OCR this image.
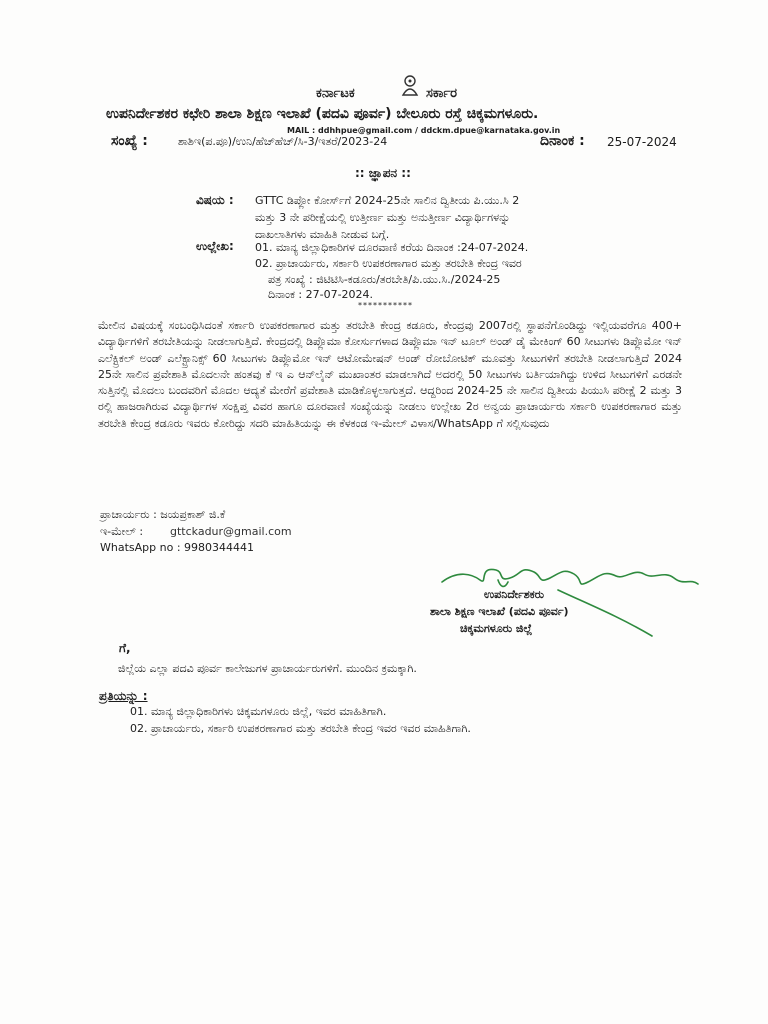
ಕರ್ನಾಟಕ	ಸರ್ಕಾರ
ಉಪನಿರ್ದೇಶಕರ ಕಛೇರಿ ಶಾಲಾ ಶಿಕ್ಷಣ ಇಲಾಖೆ (ಪದವಿ ಪೂರ್ವ) ಬೇಲೂರು ರಸ್ತೆ ಚಿಕ್ಕಮಗಳೂರು.
MAIL : ddhhpue@gmail.com / ddckm.dpue@karnataka.gov.in
ಸಂಖ್ಯೆ :	ಶಾಶಿಇ(ಪ.ಪೂ)/ಉನಿ/ಹೆಚ್‌ಹೆಚ್/ಸಿ-3/ಇತರೆ/2023-24	ದಿನಾಂಕ : 25-07-2024
:: ಜ್ಞಾಪನ ::
ವಿಷಯ : GTTC ಡಿಪ್ಲೋ ಕೋರ್ಸ್‌ಗೆ 2024-25ನೇ ಸಾಲಿನ ದ್ವಿತೀಯ ಪಿ.ಯು.ಸಿ 2
ಮತ್ತು 3 ನೇ ಪರೀಕ್ಷೆಯಲ್ಲಿ ಉತ್ತೀರ್ಣ ಮತ್ತು ಅನುತ್ತೀರ್ಣ ವಿದ್ಯಾರ್ಥಿಗಳನ್ನು
ದಾಖಲಾತಿಗಳು ಮಾಹಿತಿ ನೀಡುವ ಬಗ್ಗೆ.
ಉಲ್ಲೇಖ: 01. ಮಾನ್ಯ ಜಿಲ್ಲಾಧಿಕಾರಿಗಳ ದೂರವಾಣಿ ಕರೆಯ ದಿನಾಂಕ :24-07-2024.
02. ಪ್ರಾಚಾರ್ಯರು, ಸರ್ಕಾರಿ ಉಪಕರಣಾಗಾರ ಮತ್ತು ತರಬೇತಿ ಕೇಂದ್ರ ಇವರ
ಪತ್ರ ಸಂಖ್ಯೆ : ಜಿಟಿಟಿಸಿ-ಕಡೂರು/ತರಬೇತಿ/ಪಿ.ಯು.ಸಿ./2024-25
ದಿನಾಂಕ : 27-07-2024.
***********
ಮೇಲಿನ ವಿಷಯಕ್ಕೆ ಸಂಬಂಧಿಸಿದಂತೆ ಸರ್ಕಾರಿ ಉಪಕರಣಾಗಾರ ಮತ್ತು ತರಬೇತಿ ಕೇಂದ್ರ ಕಡೂರು, ಕೇಂದ್ರವು 2007ರಲ್ಲಿ ಸ್ಥಾಪನೆಗೊಂಡಿದ್ದು ಇಲ್ಲಿಯವರೆಗೂ 400+ ವಿದ್ಯಾರ್ಥಿಗಳಿಗೆ ತರಬೇತಿಯನ್ನು ನೀಡಲಾಗುತ್ತಿದೆ. ಕೇಂದ್ರದಲ್ಲಿ ಡಿಪ್ಲೊಮಾ ಕೋರ್ಸುಗಳಾದ ಡಿಪ್ಲೊಮಾ ಇನ್ ಟೂಲ್ ಅಂಡ್ ಡೈ ಮೇಕಿಂಗ್ 60 ಸೀಟುಗಳು ಡಿಪ್ಲೊಮೋ ಇನ್ ಎಲೆಕ್ಟ್ರಿಕಲ್ ಅಂಡ್ ಎಲೆಕ್ಟ್ರಾನಿಕ್ಸ್ 60 ಸೀಟುಗಳು ಡಿಪ್ಲೊಮೋ ಇನ್ ಆಟೋಮೇಷನ್ ಅಂಡ್ ರೋಬೋಟಿಕ್ ಮೂವತ್ತು ಸೀಟುಗಳಿಗೆ ತರಬೇತಿ ನೀಡಲಾಗುತ್ತಿದೆ 2024 25ನೇ ಸಾಲಿನ ಪ್ರವೇಶಾತಿ ಮೊದಲನೇ ಹಂತವು ಕೆ ಇ ಎ ಆನ್‌ಲೈನ್ ಮುಖಾಂತರ ಮಾಡಲಾಗಿದೆ ಅದರಲ್ಲಿ 50 ಸೀಟುಗಳು ಬರ್ತಿಯಾಗಿದ್ದು ಉಳಿದ ಸೀಟುಗಳಿಗೆ ಎರಡನೇ ಸುತ್ತಿನಲ್ಲಿ ಮೊದಲು ಬಂದವರಿಗೆ ಮೊದಲ ಆದ್ಯತೆ ಮೇರೆಗೆ ಪ್ರವೇಶಾತಿ ಮಾಡಿಕೊಳ್ಳಲಾಗುತ್ತದೆ. ಆದ್ದರಿಂದ 2024-25 ನೇ ಸಾಲಿನ ದ್ವಿತೀಯ ಪಿಯುಸಿ ಪರೀಕ್ಷೆ 2 ಮತ್ತು 3 ರಲ್ಲಿ ಹಾಜರಾಗಿರುವ ವಿದ್ಯಾರ್ಥಿಗಳ ಸಂಕ್ಷಿಪ್ತ ವಿವರ ಹಾಗೂ ದೂರವಾಣಿ ಸಂಖ್ಯೆಯನ್ನು ನೀಡಲು ಉಲ್ಲೇಖ 2ರ ಅನ್ವಯ ಪ್ರಾಚಾರ್ಯರು ಸರ್ಕಾರಿ ಉಪಕರಣಾಗಾರ ಮತ್ತು ತರಬೇತಿ ಕೇಂದ್ರ ಕಡೂರು ಇವರು ಕೋರಿದ್ದು ಸದರಿ ಮಾಹಿತಿಯನ್ನು ಈ ಕೆಳಕಂಡ ಇ-ಮೇಲ್ ವಿಳಾಸ/WhatsApp ಗೆ ಸಲ್ಲಿಸುವುದು
ಪ್ರಾಚಾರ್ಯರು : ಜಯಪ್ರಕಾಶ್ ಜಿ.ಕೆ
ಇ-ಮೇಲ್ : gttckadur@gmail.com
WhatsApp no : 9980344441
ಉಪನಿರ್ದೇಶಕರು
ಶಾಲಾ ಶಿಕ್ಷಣ ಇಲಾಖೆ (ಪದವಿ ಪೂರ್ವ)
ಚಿಕ್ಕಮಗಳೂರು ಜಿಲ್ಲೆ
ಗೆ,
ಜಿಲ್ಲೆಯ ಎಲ್ಲಾ ಪದವಿ ಪೂರ್ವ ಕಾಲೇಜುಗಳ ಪ್ರಾಚಾರ್ಯರುಗಳಿಗೆ. ಮುಂದಿನ ಕ್ರಮಕ್ಕಾಗಿ.
ಪ್ರತಿಯನ್ನು :
01. ಮಾನ್ಯ ಜಿಲ್ಲಾಧಿಕಾರಿಗಳು ಚಿಕ್ಕಮಗಳೂರು ಜಿಲ್ಲೆ, ಇವರ ಮಾಹಿತಿಗಾಗಿ.
02. ಪ್ರಾಚಾರ್ಯರು, ಸರ್ಕಾರಿ ಉಪಕರಣಾಗಾರ ಮತ್ತು ತರಬೇತಿ ಕೇಂದ್ರ ಇವರ ಇವರ ಮಾಹಿತಿಗಾಗಿ.
